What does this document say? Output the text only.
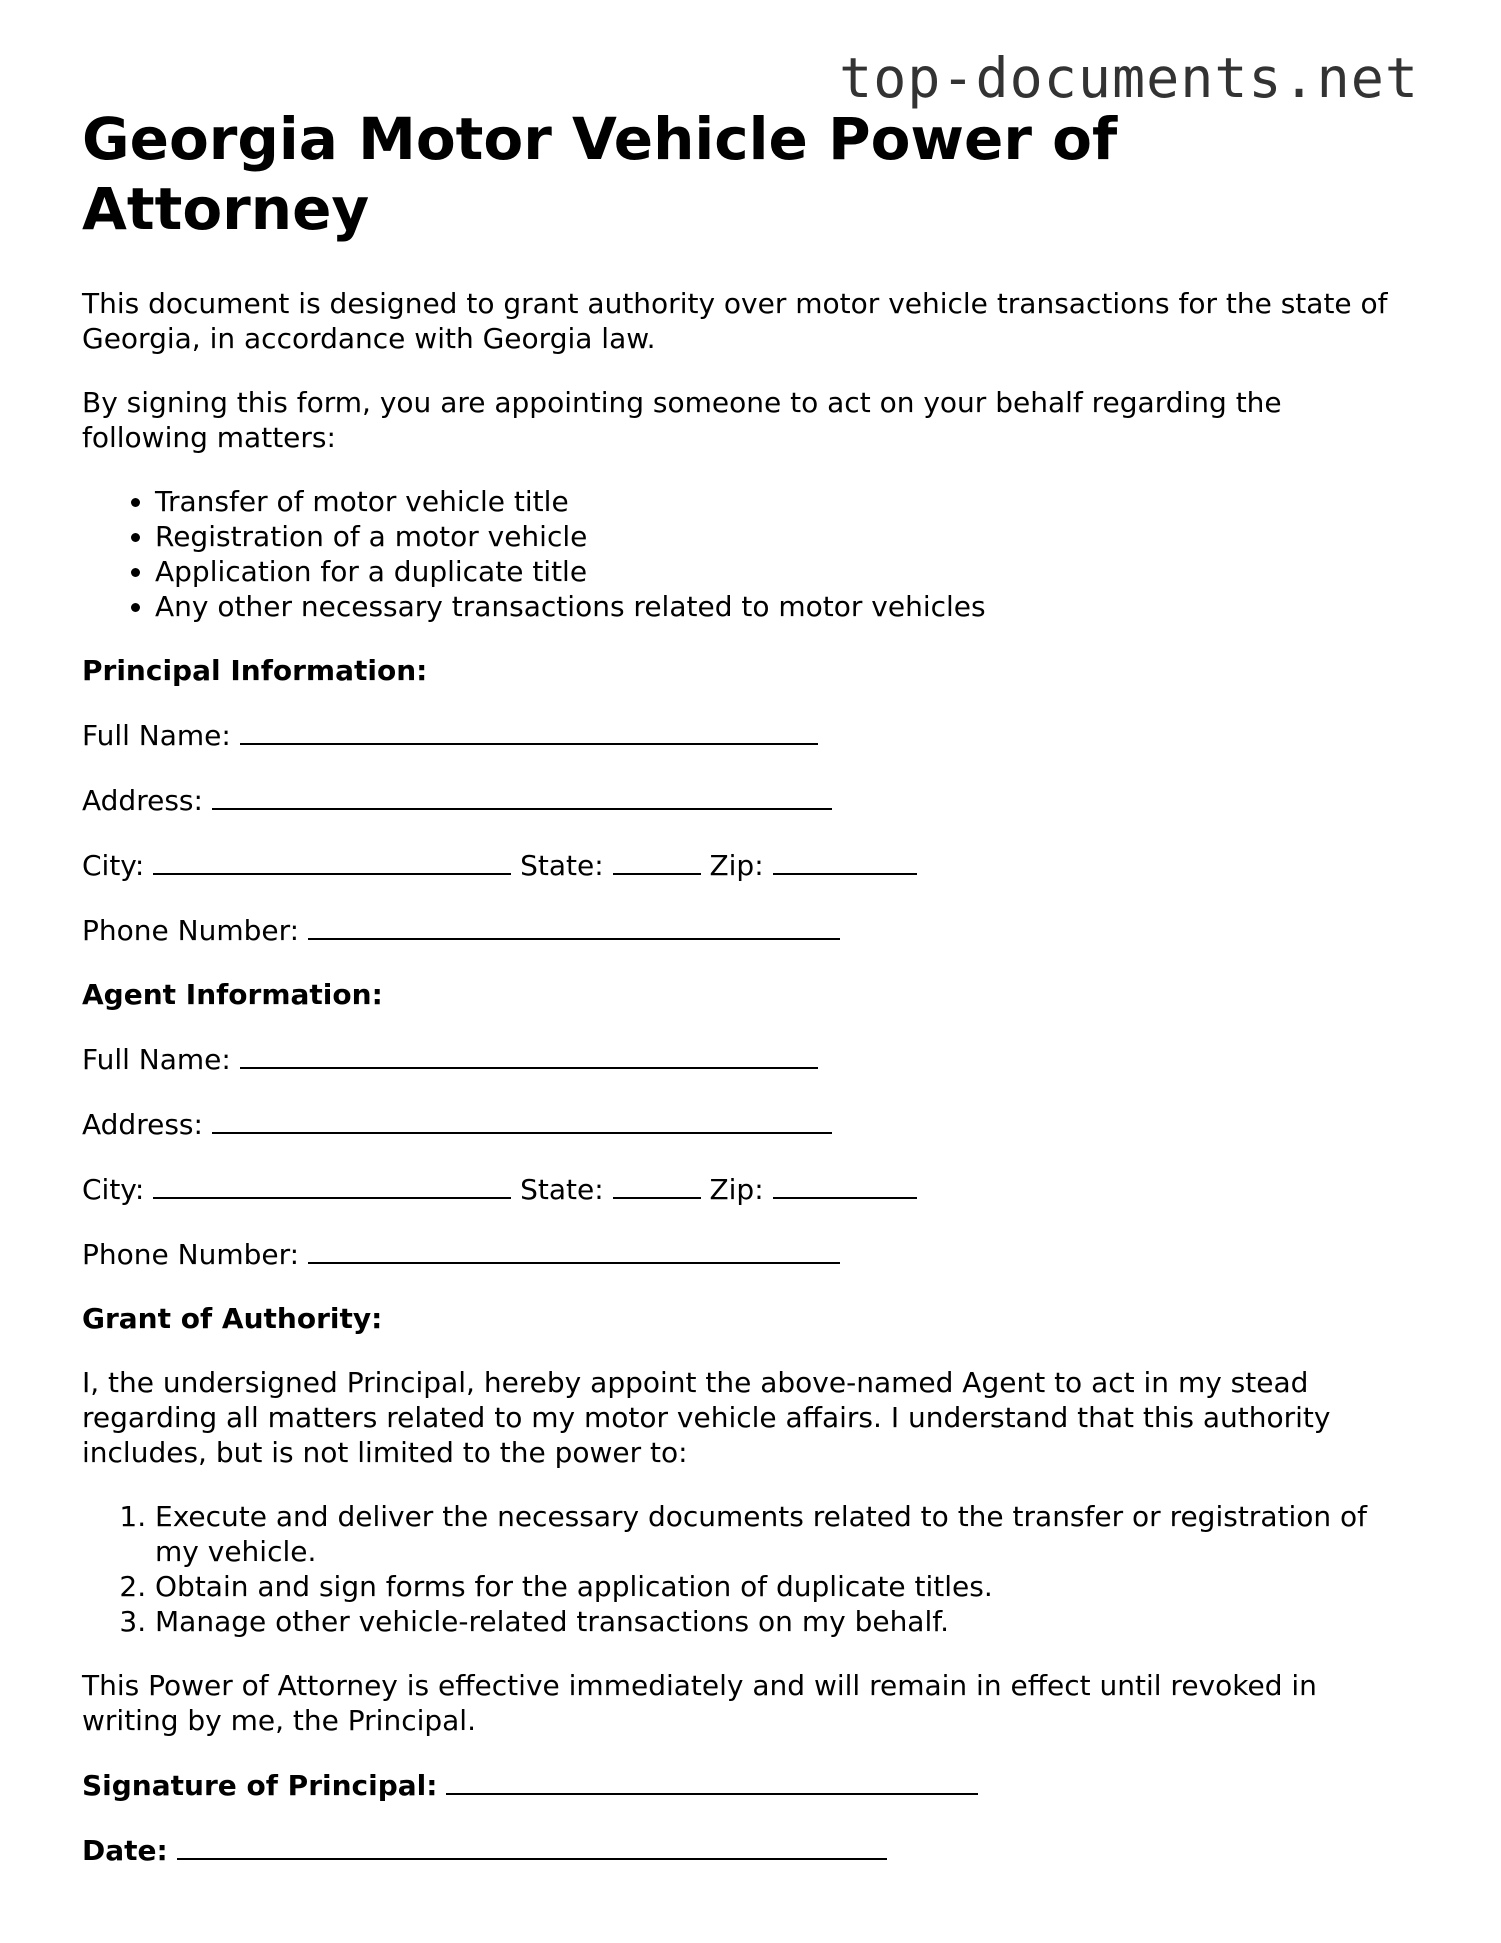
top-documents.net
Georgia Motor Vehicle Power of Attorney

This document is designed to grant authority over motor vehicle transactions for the state of Georgia, in accordance with Georgia law.

By signing this form, you are appointing someone to act on your behalf regarding the following matters:

• Transfer of motor vehicle title
• Registration of a motor vehicle
• Application for a duplicate title
• Any other necessary transactions related to motor vehicles
Principal Information:
Full Name:
Address:
City:	State:	Zip:
Phone Number:
Agent Information:
Full Name:
Address:
City:	State:	Zip:
Phone Number:
Grant of Authority:

I, the undersigned Principal, hereby appoint the above-named Agent to act in my stead regarding all matters related to my motor vehicle affairs. I understand that this authority includes, but is not limited to the power to:

1. Execute and deliver the necessary documents related to the transfer or registration of my vehicle.
2. Obtain and sign forms for the application of duplicate titles.
3. Manage other vehicle-related transactions on my behalf.

This Power of Attorney is effective immediately and will remain in effect until revoked in writing by me, the Principal.

Signature of Principal:
Date:
